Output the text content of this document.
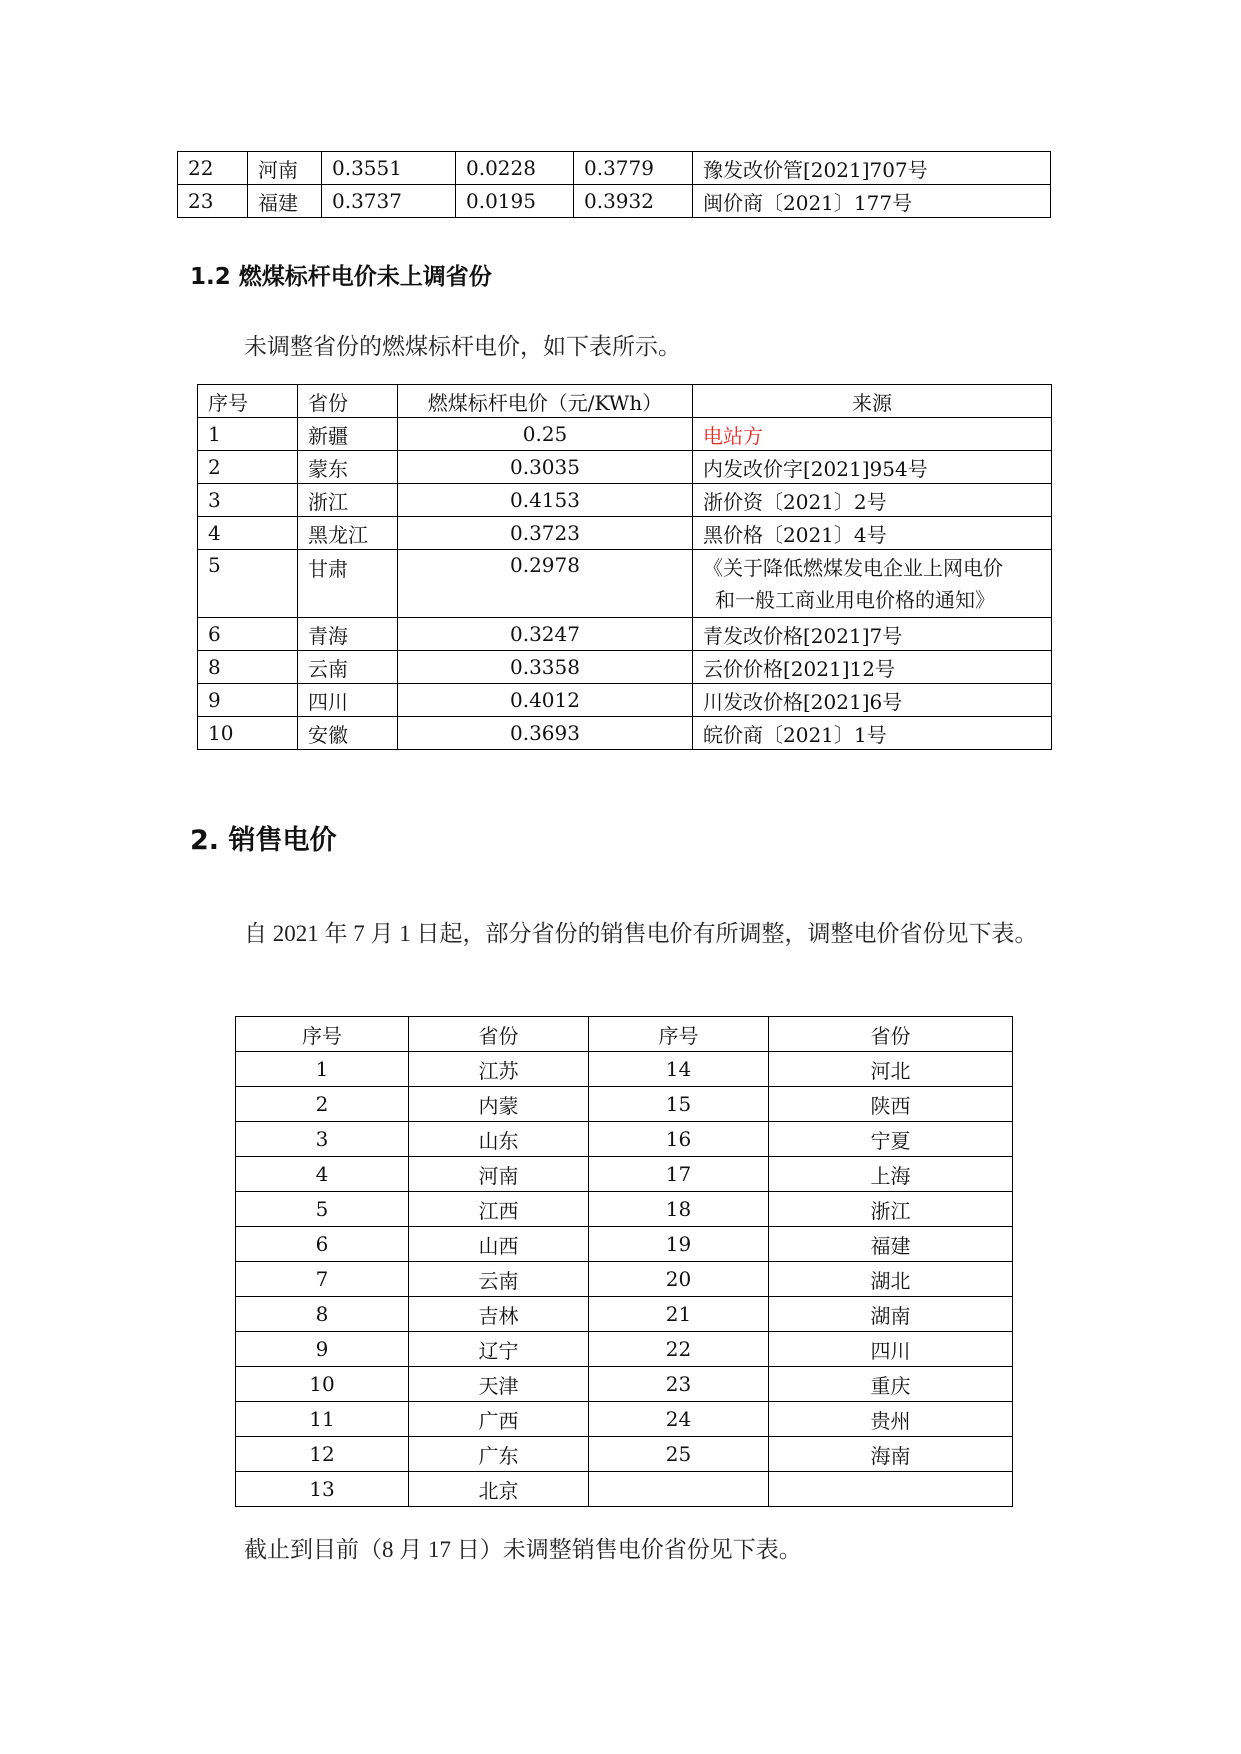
22	河南	0.3551	0.0228	0.3779	豫发改价管[2021]707号
23	福建	0.3737	0.0195	0.3932	闽价商〔2021〕177号
1.2 燃煤标杆电价未上调省份

未调整省份的燃煤标杆电价，如下表所示。

序号	省份	燃煤标杆电价（元/KWh）	来源
1	新疆	0.25	电站方
2	蒙东	0.3035	内发改价字[2021]954号
3	浙江	0.4153	浙价资〔2021〕2号
4	黑龙江	0.3723	黑价格〔2021〕4号
5	甘肃	0.2978	《关于降低燃煤发电企业上网电价
和一般工商业用电价格的通知》

6	青海	0.3247	青发改价格[2021]7号
8	云南	0.3358	云价价格[2021]12号
9	四川	0.4012	川发改价格[2021]6号
10	安徽	0.3693	皖价商〔2021〕1号
2. 销售电价

自 2021 年 7 月 1 日起，部分省份的销售电价有所调整，调整电价省份见下表。

序号	省份	序号	省份
1	江苏	14	河北
2	内蒙	15	陕西
3	山东	16	宁夏
4	河南	17	上海
5	江西	18	浙江
6	山西	19	福建
7	云南	20	湖北
8	吉林	21	湖南
9	辽宁	22	四川
10	天津	23	重庆
11	广西	24	贵州
12	广东	25	海南
13	北京		

截止到目前（8 月 17 日）未调整销售电价省份见下表。
